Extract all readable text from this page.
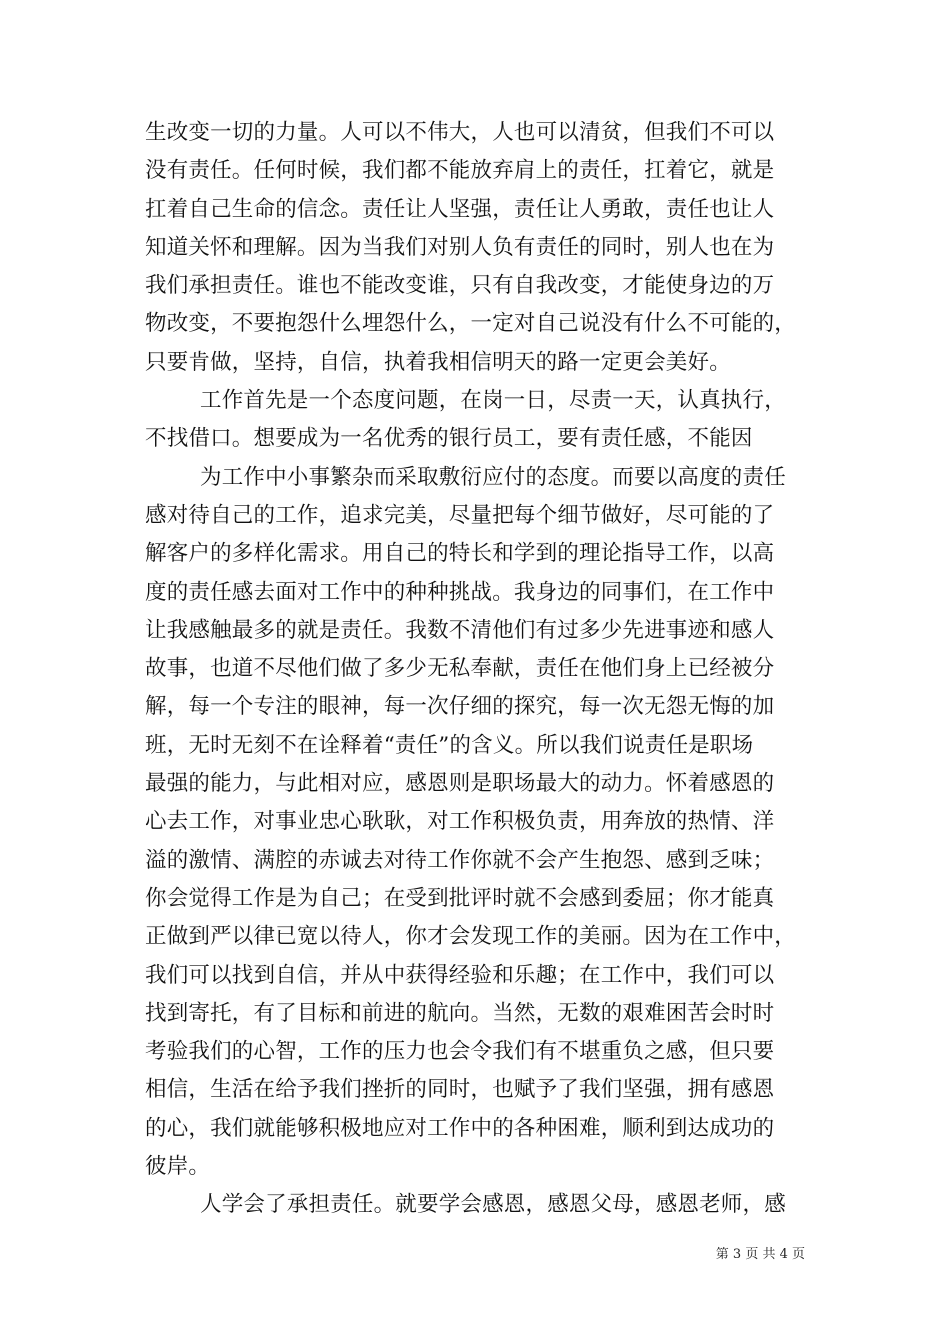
生改变一切的力量。人可以不伟大，人也可以清贫，但我们不可以
没有责任。任何时候，我们都不能放弃肩上的责任，扛着它，就是
扛着自己生命的信念。责任让人坚强，责任让人勇敢，责任也让人
知道关怀和理解。因为当我们对别人负有责任的同时，别人也在为
我们承担责任。谁也不能改变谁，只有自我改变，才能使身边的万
物改变，不要抱怨什么埋怨什么，一定对自己说没有什么不可能的，
只要肯做，坚持，自信，执着我相信明天的路一定更会美好。
工作首先是一个态度问题，在岗一日，尽责一天，认真执行，
不找借口。想要成为一名优秀的银行员工，要有责任感，不能因
为工作中小事繁杂而采取敷衍应付的态度。而要以高度的责任
感对待自己的工作，追求完美，尽量把每个细节做好，尽可能的了
解客户的多样化需求。用自己的特长和学到的理论指导工作，以高
度的责任感去面对工作中的种种挑战。我身边的同事们，在工作中
让我感触最多的就是责任。我数不清他们有过多少先进事迹和感人
故事，也道不尽他们做了多少无私奉献，责任在他们身上已经被分
解，每一个专注的眼神，每一次仔细的探究，每一次无怨无悔的加
班，无时无刻不在诠释着“责任”的含义。所以我们说责任是职场
最强的能力，与此相对应，感恩则是职场最大的动力。怀着感恩的
心去工作，对事业忠心耿耿，对工作积极负责，用奔放的热情、洋
溢的激情、满腔的赤诚去对待工作你就不会产生抱怨、感到乏味；
你会觉得工作是为自己；在受到批评时就不会感到委屈；你才能真
正做到严以律已宽以待人，你才会发现工作的美丽。因为在工作中，
我们可以找到自信，并从中获得经验和乐趣；在工作中，我们可以
找到寄托，有了目标和前进的航向。当然，无数的艰难困苦会时时
考验我们的心智，工作的压力也会令我们有不堪重负之感，但只要
相信，生活在给予我们挫折的同时，也赋予了我们坚强，拥有感恩
的心，我们就能够积极地应对工作中的各种困难，顺利到达成功的
彼岸。
人学会了承担责任。就要学会感恩，感恩父母，感恩老师，感
第 3 页 共 4 页
